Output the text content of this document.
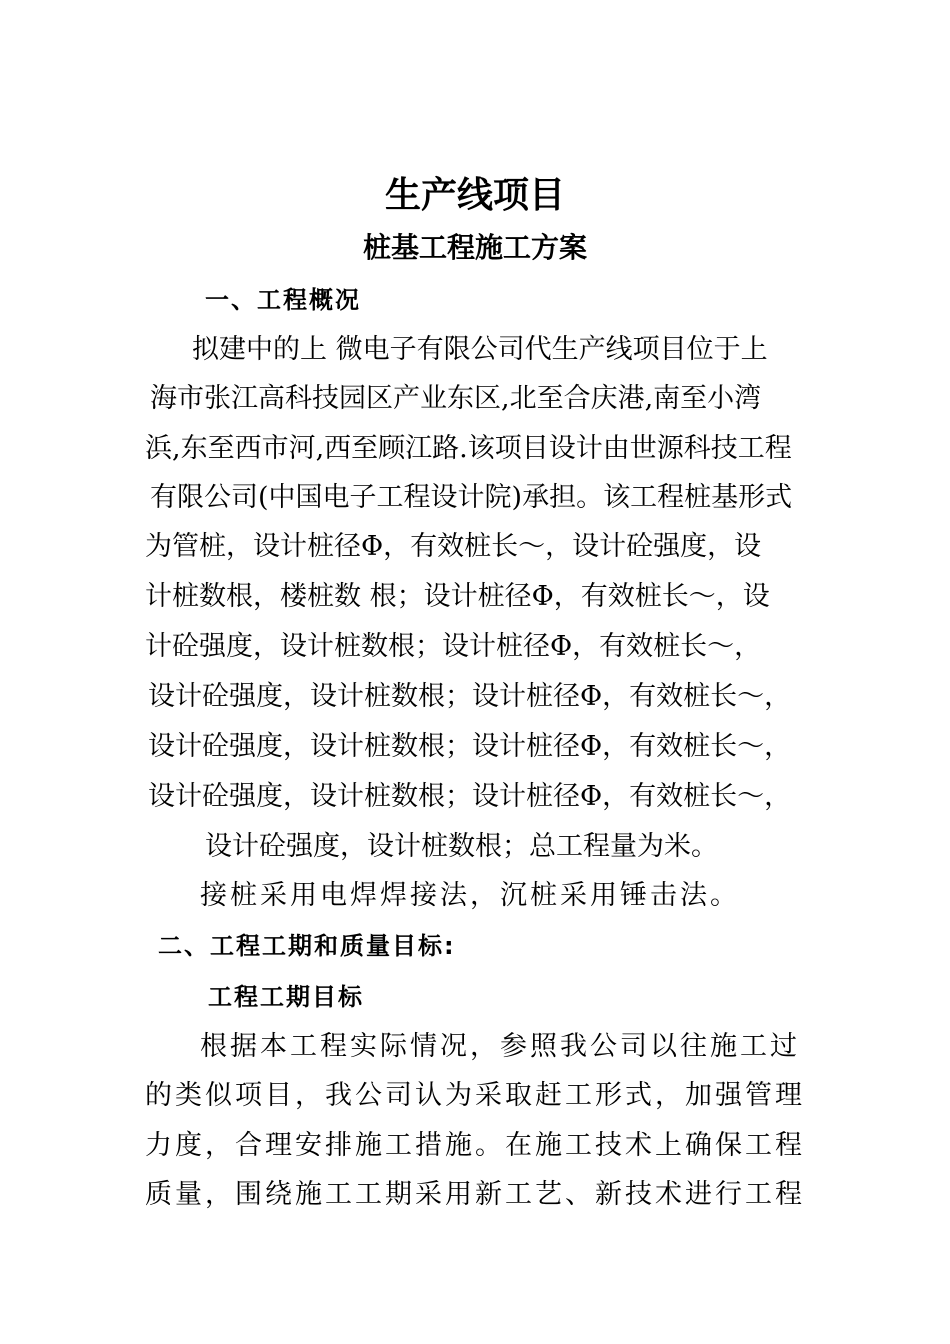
生产线项目
桩基工程施工方案
一、工程概况
拟建中的上 微电子有限公司代生产线项目位于上
海市张江高科技园区产业东区,北至合庆港,南至小湾
浜,东至西市河,西至顾江路.该项目设计由世源科技工程
有限公司(中国电子工程设计院)承担。该工程桩基形式
为管桩，设计桩径Φ，有效桩长～，设计砼强度，设
计桩数根，楼桩数 根；设计桩径Φ，有效桩长～，设
计砼强度，设计桩数根；设计桩径Φ，有效桩长～，
设计砼强度，设计桩数根；设计桩径Φ，有效桩长～，
设计砼强度，设计桩数根；设计桩径Φ，有效桩长～，
设计砼强度，设计桩数根；设计桩径Φ，有效桩长～，
设计砼强度，设计桩数根；总工程量为米。
接桩采用电焊焊接法，沉桩采用锤击法。
二、工程工期和质量目标:
工程工期目标
根据本工程实际情况，参照我公司以往施工过
的类似项目，我公司认为采取赶工形式，加强管理
力度，合理安排施工措施。在施工技术上确保工程
质量，围绕施工工期采用新工艺、新技术进行工程
